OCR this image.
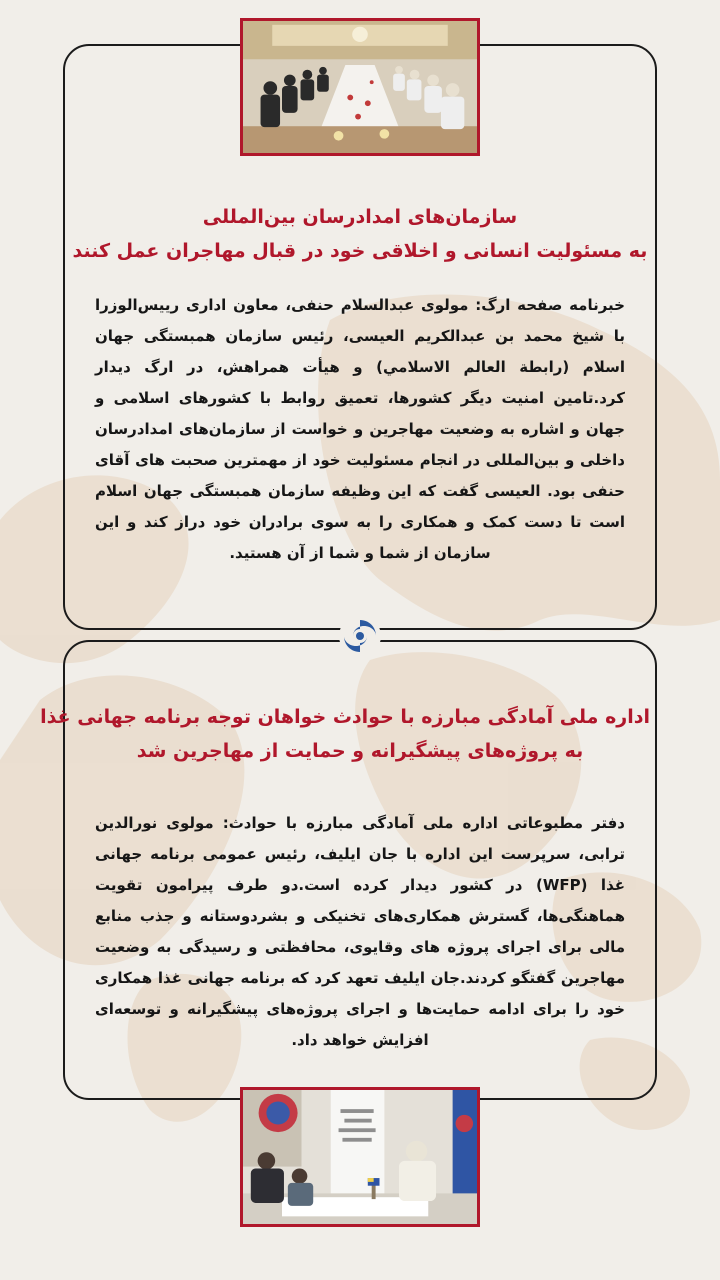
سازمان‌های امدادرسان بین‌المللی
به مسئولیت انسانی و اخلاقی خود در قبال مهاجران عمل کنند
خبرنامه صفحه ارگ: مولوی عبدالسلام حنفی، معاون اداری رییس‌الوزرا با شیخ محمد بن عبدالکریم العیسی، رئیس سازمان همبستگی جهان اسلام (رابطة العالم الاسلامي) و هیأت همراهش، در ارگ دیدار کرد.تامین امنیت دیگر کشورها، تعمیق روابط با کشورهای اسلامی و جهان و اشاره به وضعیت مهاجرین و خواست از سازمان‌های امدادرسان داخلی و بین‌المللی در انجام مسئولیت خود از مهمترین صحبت های آقای حنفی بود. العیسی گفت که این وظیفه سازمان همبستگی جهان اسلام است تا دست کمک و همکاری را به سوی برادران خود دراز کند و این سازمان از شما و شما از آن هستید.
اداره ملی آمادگی مبارزه با حوادث خواهان توجه برنامه جهانی غذا
به پروژه‌های پیشگیرانه و حمایت از مهاجرین شد
دفتر مطبوعاتی اداره ملی آمادگی مبارزه با حوادث: مولوی نورالدین ترابی، سرپرست این اداره با جان ایلیف، رئیس عمومی برنامه جهانی غذا (WFP) در کشور دیدار کرده است.دو طرف پیرامون تقویت هماهنگی‌ها، گسترش همکاری‌های تخنیکی و بشردوستانه و جذب منابع مالی برای اجرای پروژه های وقایوی، محافظتی و رسیدگی به وضعیت مهاجرین گفتگو کردند.جان ایلیف تعهد کرد که برنامه جهانی غذا همکاری خود را برای ادامه حمایت‌ها و اجرای پروژه‌های پیشگیرانه و توسعه‌ای افزایش خواهد داد.
